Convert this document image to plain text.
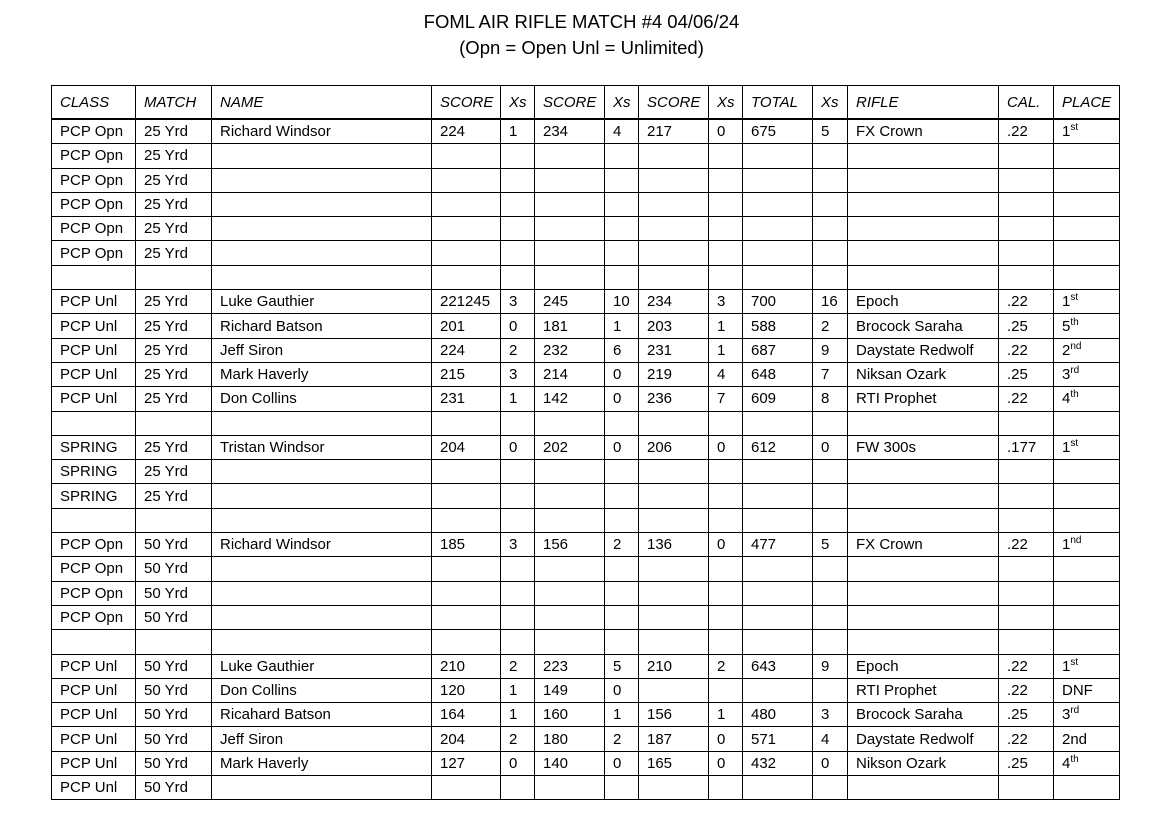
FOML AIR RIFLE MATCH #4 04/06/24
(Opn = Open Unl = Unlimited)
CLASS	MATCH	NAME	SCORE	Xs	SCORE	Xs	SCORE	Xs	TOTAL	Xs	RIFLE	CAL.	PLACE
PCP Opn	25 Yrd	Richard Windsor	224	1	234	4	217	0	675	5	FX Crown	.22	1st
PCP Opn	25 Yrd												
PCP Opn	25 Yrd												
PCP Opn	25 Yrd												
PCP Opn	25 Yrd												
PCP Opn	25 Yrd												

PCP Unl	25 Yrd	Luke Gauthier	221245	3	245	10	234	3	700	16	Epoch	.22	1st
PCP Unl	25 Yrd	Richard Batson	201	0	181	1	203	1	588	2	Brocock Saraha	.25	5th
PCP Unl	25 Yrd	Jeff Siron	224	2	232	6	231	1	687	9	Daystate Redwolf	.22	2nd
PCP Unl	25 Yrd	Mark Haverly	215	3	214	0	219	4	648	7	Niksan Ozark	.25	3rd
PCP Unl	25 Yrd	Don Collins	231	1	142	0	236	7	609	8	RTI Prophet	.22	4th

SPRING	25 Yrd	Tristan Windsor	204	0	202	0	206	0	612	0	FW 300s	.177	1st
SPRING	25 Yrd												
SPRING	25 Yrd												

PCP Opn	50 Yrd	Richard Windsor	185	3	156	2	136	0	477	5	FX Crown	.22	1nd
PCP Opn	50 Yrd												
PCP Opn	50 Yrd												
PCP Opn	50 Yrd												

PCP Unl	50 Yrd	Luke Gauthier	210	2	223	5	210	2	643	9	Epoch	.22	1st
PCP Unl	50 Yrd	Don Collins	120	1	149	0					RTI Prophet	.22	DNF
PCP Unl	50 Yrd	Ricahard Batson	164	1	160	1	156	1	480	3	Brocock Saraha	.25	3rd
PCP Unl	50 Yrd	Jeff Siron	204	2	180	2	187	0	571	4	Daystate Redwolf	.22	2nd
PCP Unl	50 Yrd	Mark Haverly	127	0	140	0	165	0	432	0	Nikson Ozark	.25	4th
PCP Unl	50 Yrd												
